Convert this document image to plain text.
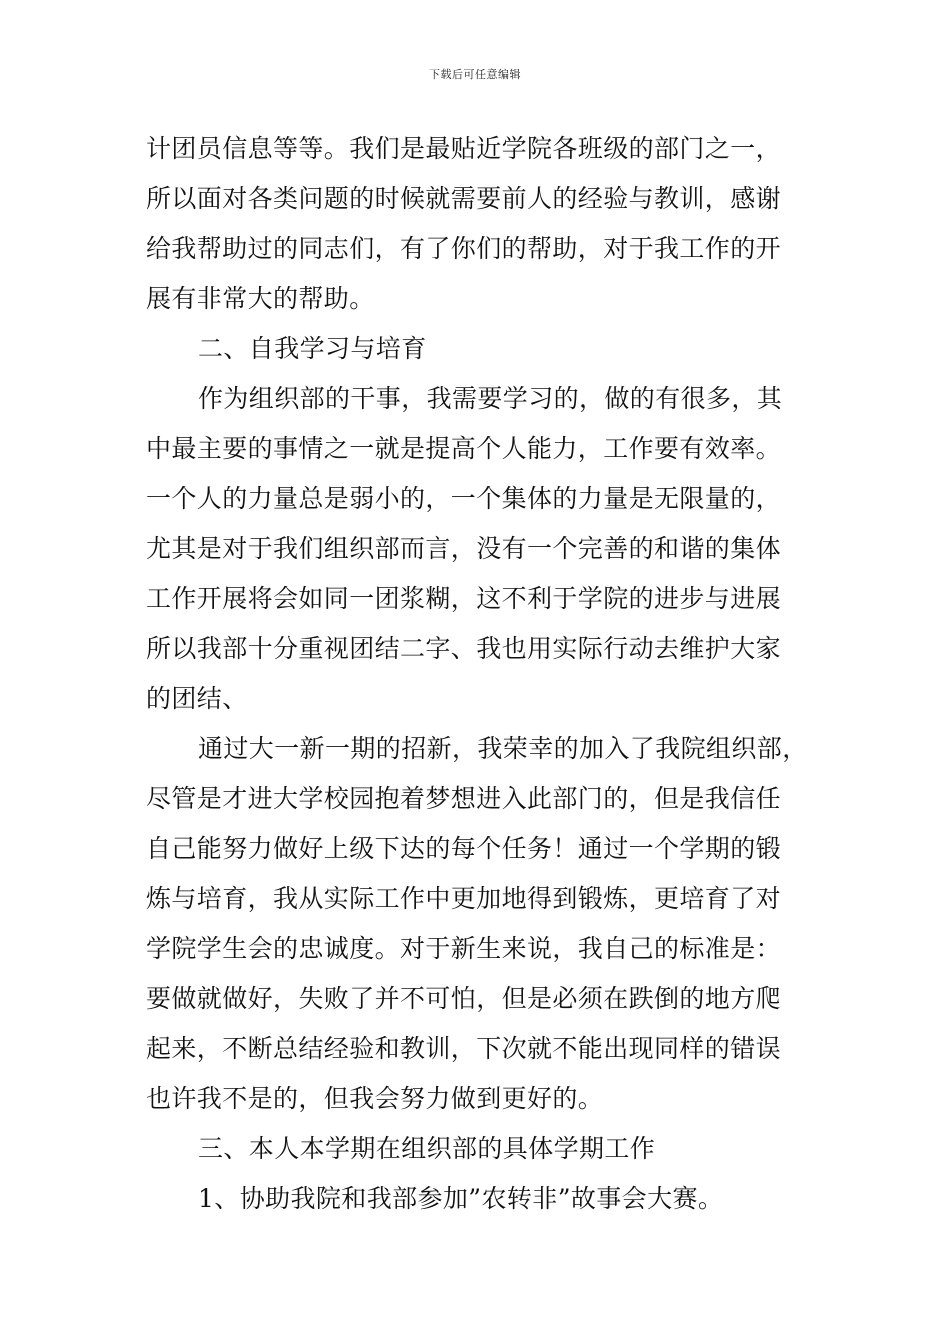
下载后可任意编辑
计团员信息等等。我们是最贴近学院各班级的部门之一，
所以面对各类问题的时候就需要前人的经验与教训，感谢
给我帮助过的同志们，有了你们的帮助，对于我工作的开
展有非常大的帮助。
二、自我学习与培育
作为组织部的干事，我需要学习的，做的有很多，其
中最主要的事情之一就是提高个人能力，工作要有效率。
一个人的力量总是弱小的，一个集体的力量是无限量的，
尤其是对于我们组织部而言，没有一个完善的和谐的集体
工作开展将会如同一团浆糊，这不利于学院的进步与进展
所以我部十分重视团结二字、我也用实际行动去维护大家
的团结、
通过大一新一期的招新，我荣幸的加入了我院组织部，
尽管是才进大学校园抱着梦想进入此部门的，但是我信任
自己能努力做好上级下达的每个任务！通过一个学期的锻
炼与培育，我从实际工作中更加地得到锻炼，更培育了对
学院学生会的忠诚度。对于新生来说，我自己的标准是：
要做就做好，失败了并不可怕，但是必须在跌倒的地方爬
起来，不断总结经验和教训，下次就不能出现同样的错误
也许我不是的，但我会努力做到更好的。
三、本人本学期在组织部的具体学期工作
1、协助我院和我部参加”农转非”故事会大赛。
